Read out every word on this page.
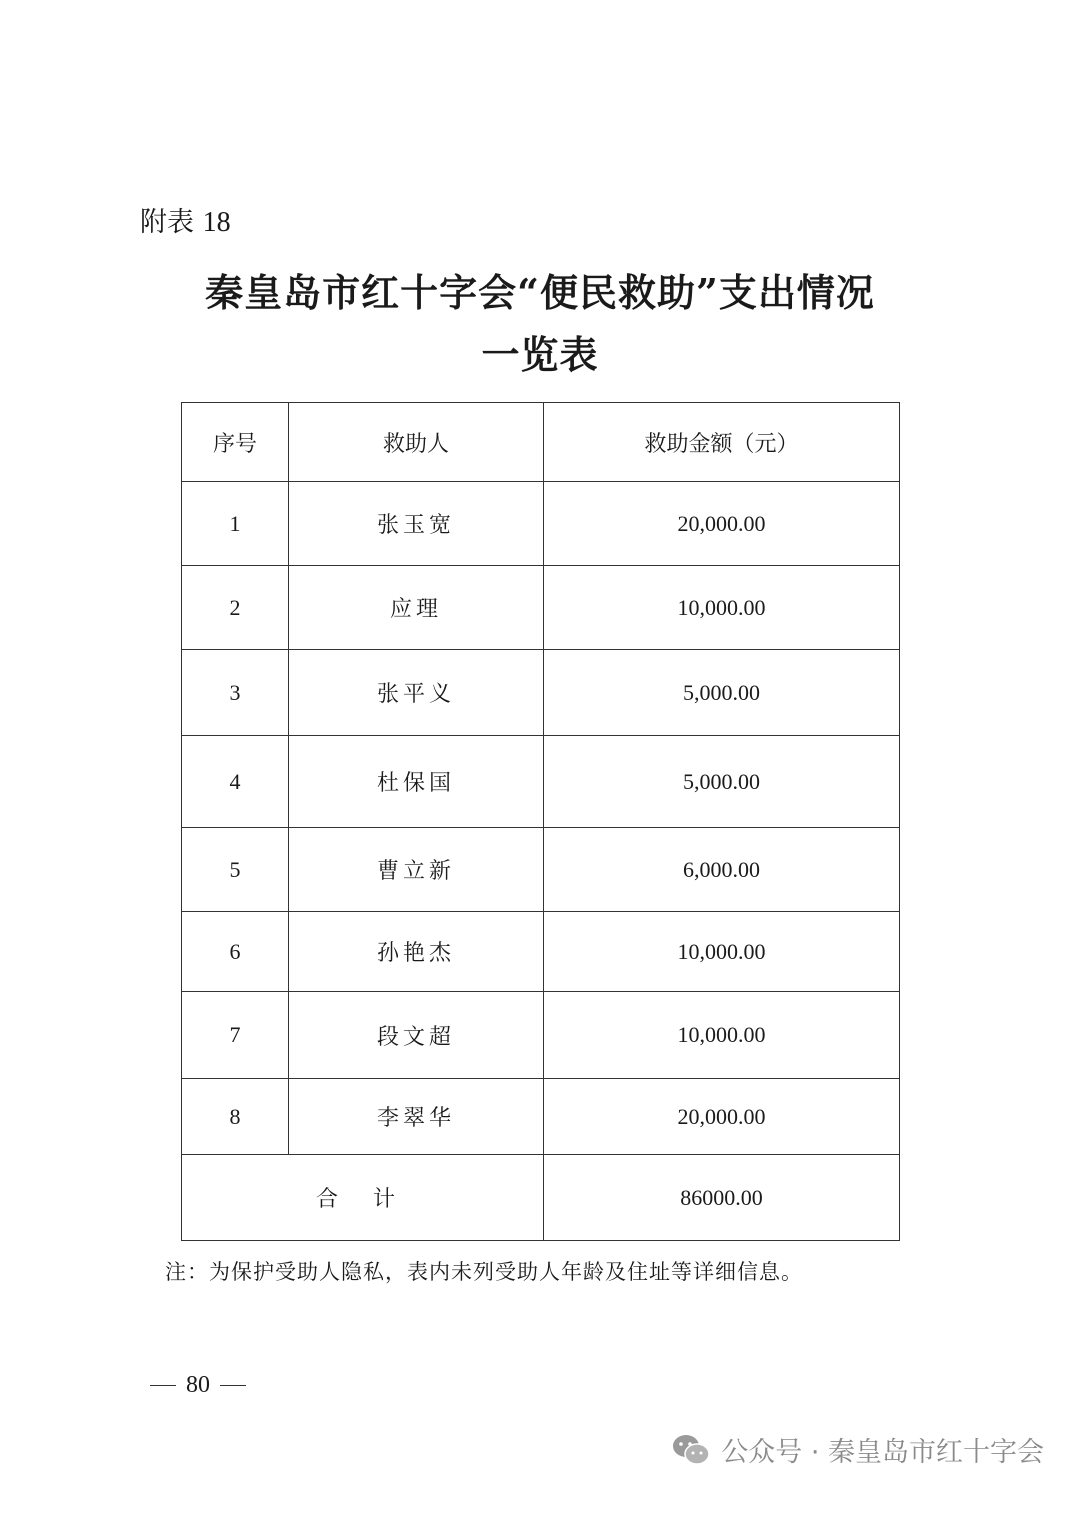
附表 18
秦皇岛市红十字会“便民救助”支出情况
一览表
序号	救助人	救助金额（元）
1	张玉宽	20,000.00
2	应理	10,000.00
3	张平义	5,000.00
4	杜保国	5,000.00
5	曹立新	6,000.00
6	孙艳杰	10,000.00
7	段文超	10,000.00
8	李翠华	20,000.00
合 计		86000.00
注：为保护受助人隐私，表内未列受助人年龄及住址等详细信息。
80
公众号 · 秦皇岛市红十字会
